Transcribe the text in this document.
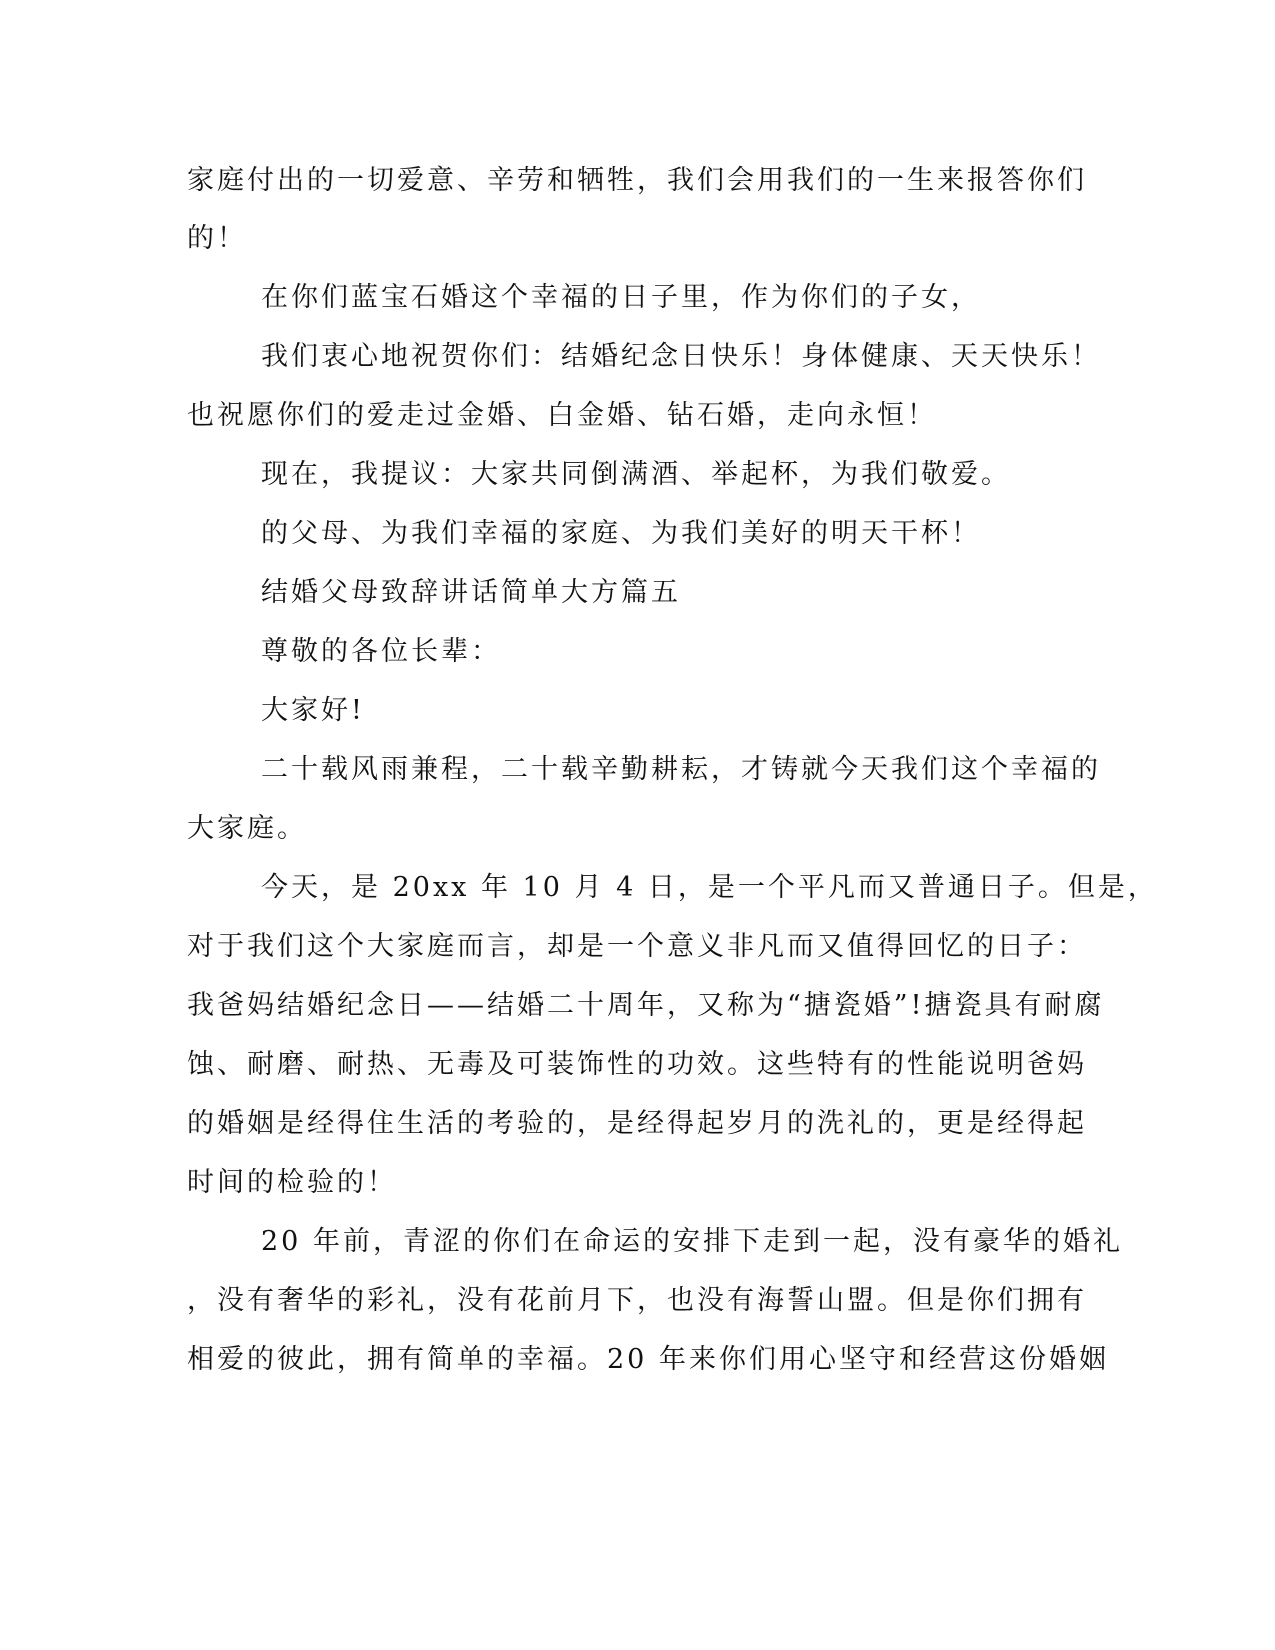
家庭付出的一切爱意、辛劳和牺牲，我们会用我们的一生来报答你们
的！
在你们蓝宝石婚这个幸福的日子里，作为你们的子女，
我们衷心地祝贺你们：结婚纪念日快乐！身体健康、天天快乐！
也祝愿你们的爱走过金婚、白金婚、钻石婚，走向永恒！
现在，我提议：大家共同倒满酒、举起杯，为我们敬爱。
的父母、为我们幸福的家庭、为我们美好的明天干杯！
结婚父母致辞讲话简单大方篇五
尊敬的各位长辈：
大家好!
二十载风雨兼程，二十载辛勤耕耘，才铸就今天我们这个幸福的
大家庭。
今天，是 20xx 年 10 月 4 日，是一个平凡而又普通日子。但是，
对于我们这个大家庭而言，却是一个意义非凡而又值得回忆的日子：
我爸妈结婚纪念日——结婚二十周年，又称为“搪瓷婚”!搪瓷具有耐腐
蚀、耐磨、耐热、无毒及可装饰性的功效。这些特有的性能说明爸妈
的婚姻是经得住生活的考验的，是经得起岁月的洗礼的，更是经得起
时间的检验的！
20 年前，青涩的你们在命运的安排下走到一起，没有豪华的婚礼
，没有奢华的彩礼，没有花前月下，也没有海誓山盟。但是你们拥有
相爱的彼此，拥有简单的幸福。20 年来你们用心坚守和经营这份婚姻
